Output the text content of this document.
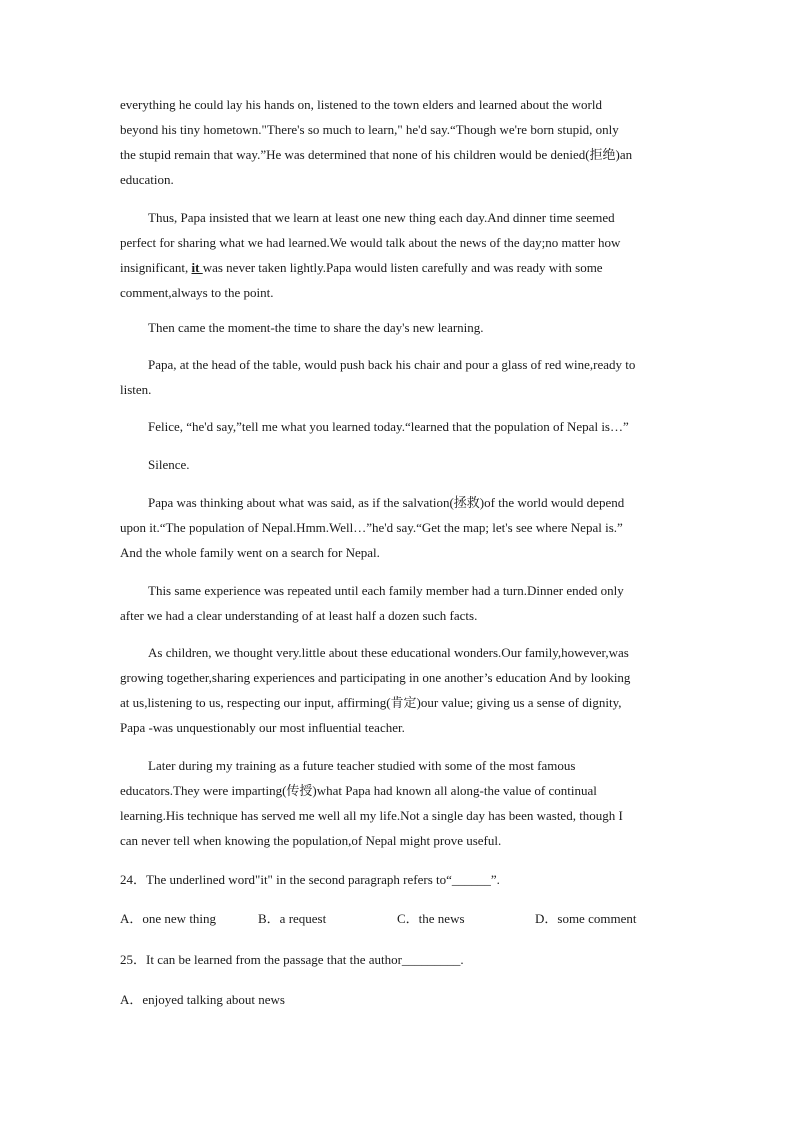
everything he could lay his hands on, listened to the town elders and learned about the world
beyond his tiny hometown."There's so much to learn," he'd say.“Though we're born stupid, only
the stupid remain that way.”He was determined that none of his children would be denied(拒绝)an
education.
Thus, Papa insisted that we learn at least one new thing each day.And dinner time seemed
perfect for sharing what we had learned.We would talk about the news of the day;no matter how
insignificant, it was never taken lightly.Papa would listen carefully and was ready with some
comment,always to the point.
Then came the moment-the time to share the day's new learning.
Papa, at the head of the table, would push back his chair and pour a glass of red wine,ready to
listen.
Felice, “he'd say,”tell me what you learned today.“learned that the population of Nepal is…”
Silence.
Papa was thinking about what was said, as if the salvation(拯救)of the world would depend
upon it.“The population of Nepal.Hmm.Well…”he'd say.“Get the map; let's see where Nepal is.”
And the whole family went on a search for Nepal.
This same experience was repeated until each family member had a turn.Dinner ended only
after we had a clear understanding of at least half a dozen such facts.
As children, we thought very.little about these educational wonders.Our family,however,was
growing together,sharing experiences and participating in one another’s education And by looking
at us,listening to us, respecting our input, affirming(肯定)our value; giving us a sense of dignity,
Papa -was unquestionably our most influential teacher.
Later during my training as a future teacher studied with some of the most famous
educators.They were imparting(传授)what Papa had known all along-the value of continual
learning.His technique has served me well all my life.Not a single day has been wasted, though I
can never tell when knowing the population,of Nepal might prove useful.
24．The underlined word"it" in the second paragraph refers to“______”.
A．one new thing	B．a request	C．the news	D．some comment
25．It can be learned from the passage that the author_________.
A．enjoyed talking about news
